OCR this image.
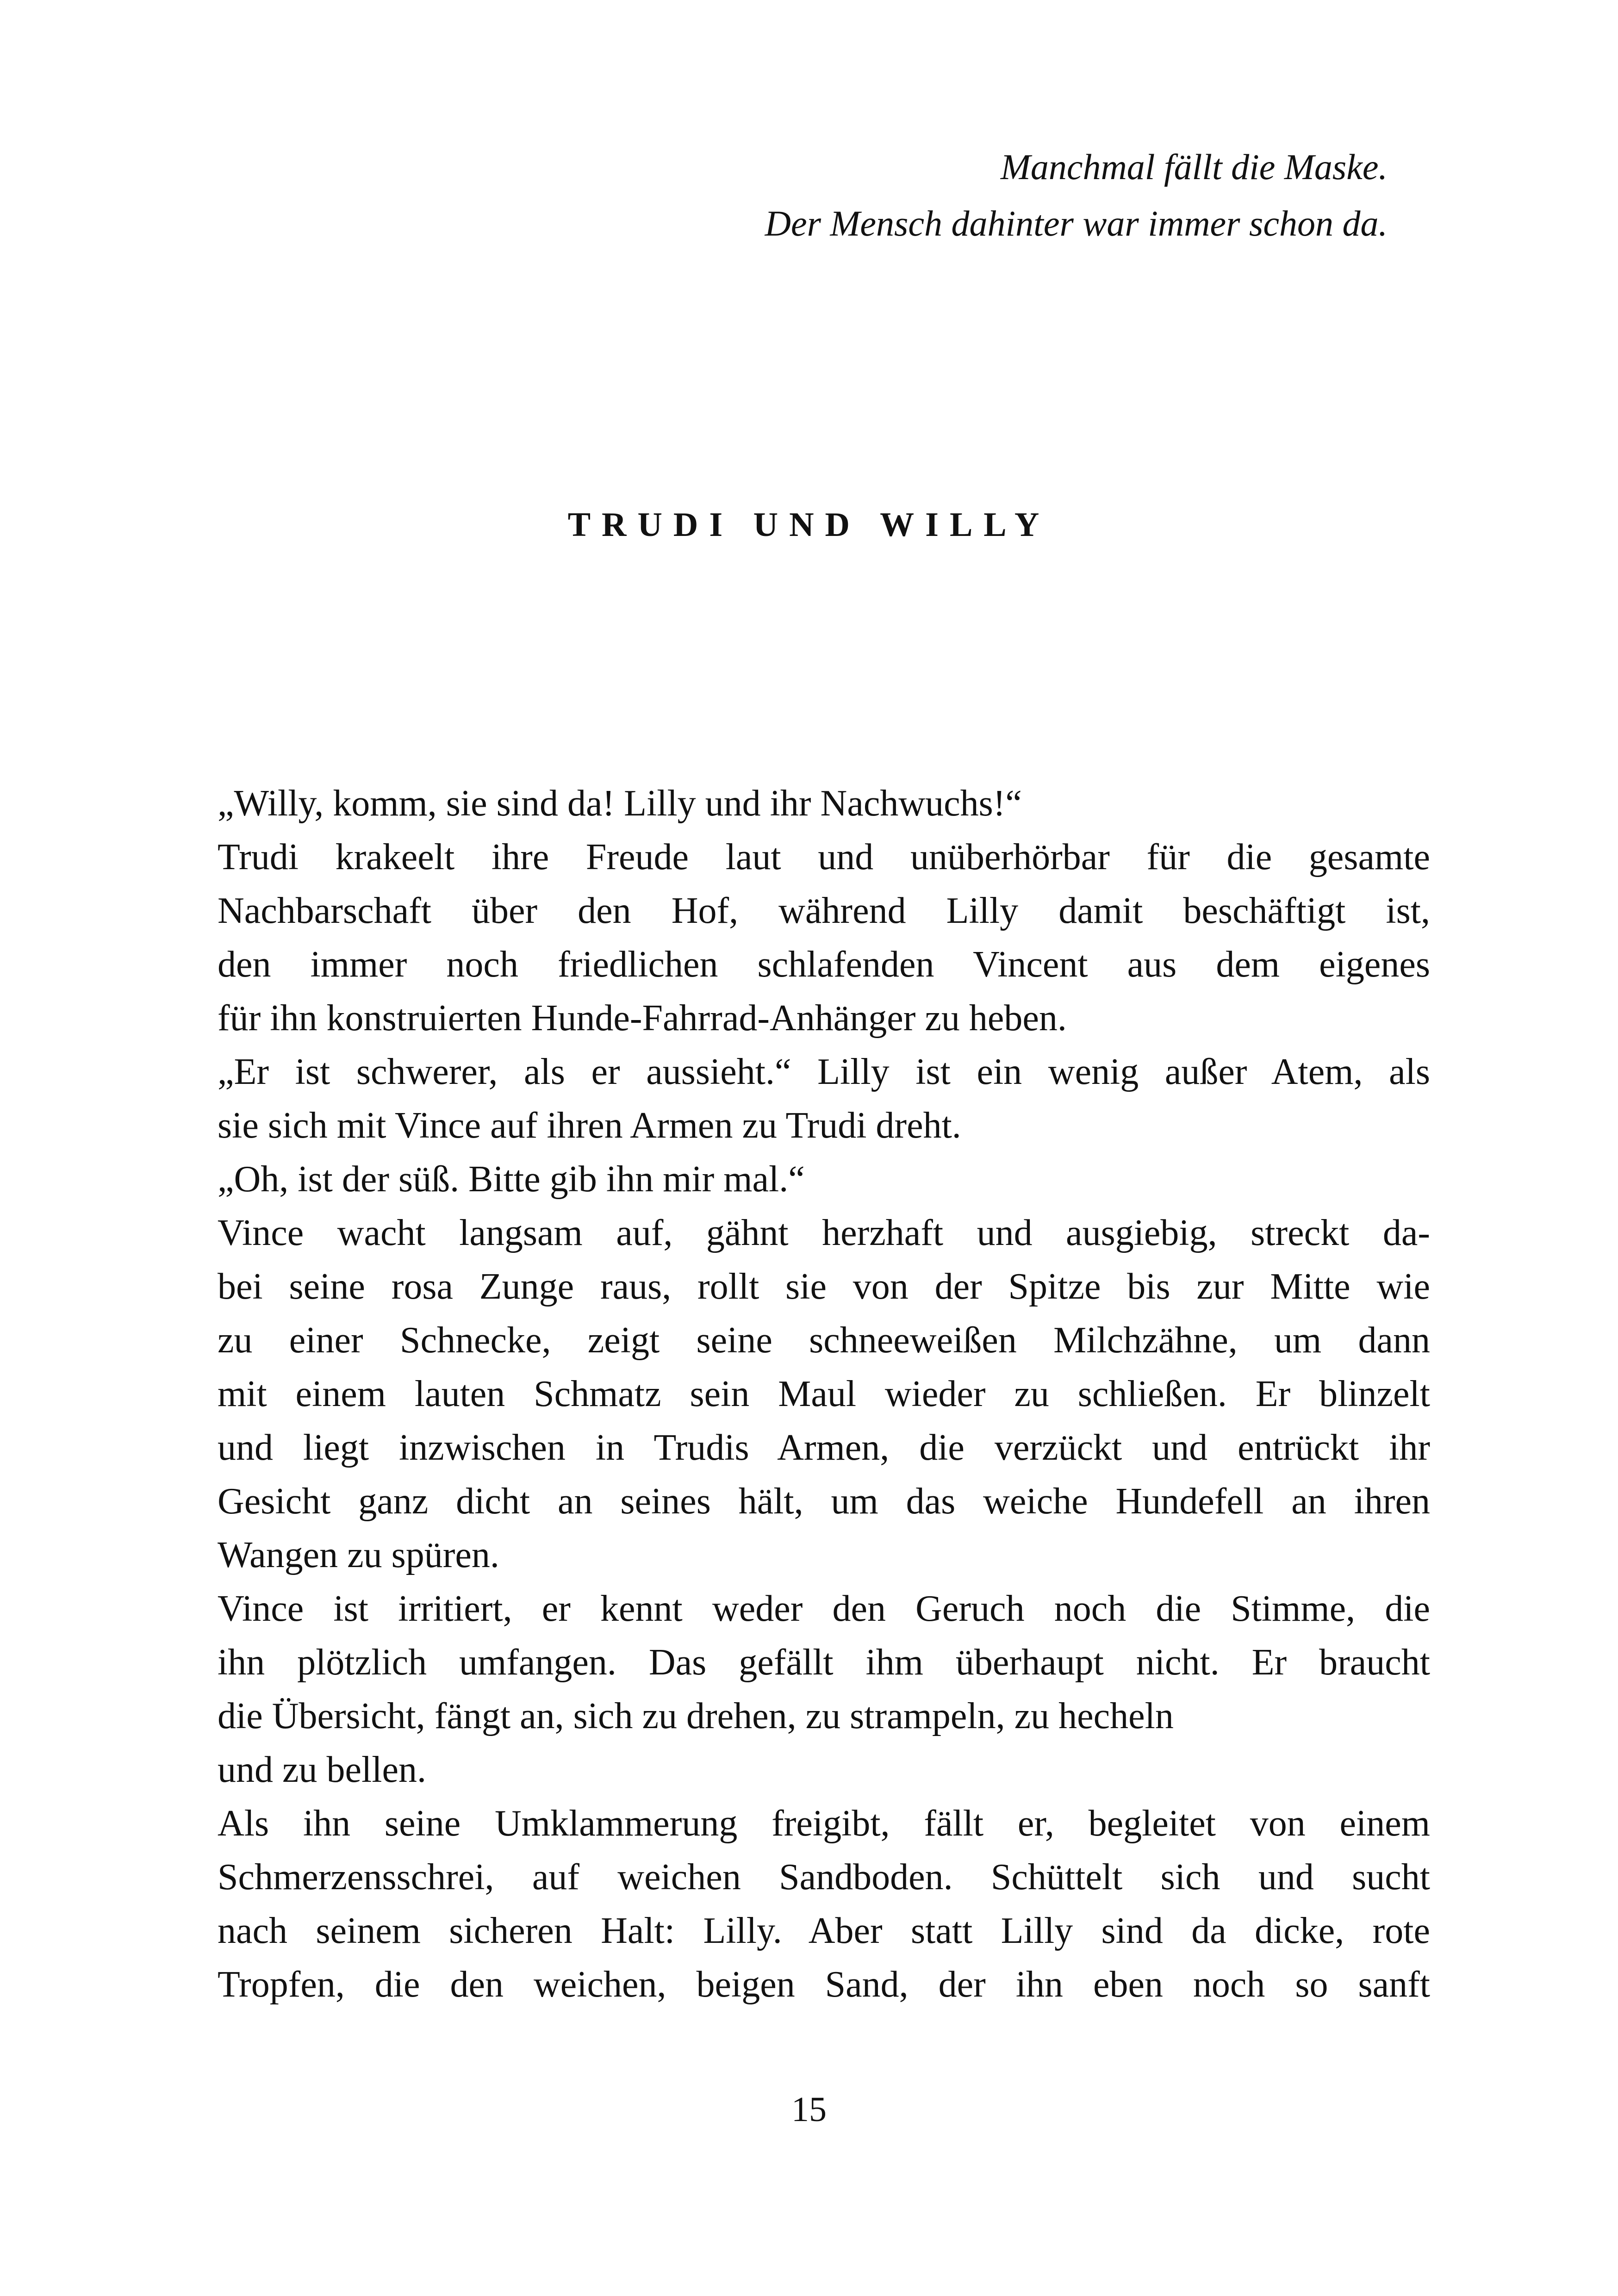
Manchmal fällt die Maske.
Der Mensch dahinter war immer schon da.
TRUDI UND WILLY
„Willy, komm, sie sind da! Lilly und ihr Nachwuchs!“
Trudi krakeelt ihre Freude laut und unüberhörbar für die gesamte
Nachbarschaft über den Hof, während Lilly damit beschäftigt ist,
den immer noch friedlichen schlafenden Vincent aus dem eigenes
für ihn konstruierten Hunde-Fahrrad-Anhänger zu heben.
„Er ist schwerer, als er aussieht.“ Lilly ist ein wenig außer Atem, als
sie sich mit Vince auf ihren Armen zu Trudi dreht.
„Oh, ist der süß. Bitte gib ihn mir mal.“
Vince wacht langsam auf, gähnt herzhaft und ausgiebig, streckt da-
bei seine rosa Zunge raus, rollt sie von der Spitze bis zur Mitte wie
zu einer Schnecke, zeigt seine schneeweißen Milchzähne, um dann
mit einem lauten Schmatz sein Maul wieder zu schließen. Er blinzelt
und liegt inzwischen in Trudis Armen, die verzückt und entrückt ihr
Gesicht ganz dicht an seines hält, um das weiche Hundefell an ihren
Wangen zu spüren.
Vince ist irritiert, er kennt weder den Geruch noch die Stimme, die
ihn plötzlich umfangen. Das gefällt ihm überhaupt nicht. Er braucht
die Übersicht, fängt an, sich zu drehen, zu strampeln, zu hecheln
und zu bellen.
Als ihn seine Umklammerung freigibt, fällt er, begleitet von einem
Schmerzensschrei, auf weichen Sandboden. Schüttelt sich und sucht
nach seinem sicheren Halt: Lilly. Aber statt Lilly sind da dicke, rote
Tropfen, die den weichen, beigen Sand, der ihn eben noch so sanft
15
